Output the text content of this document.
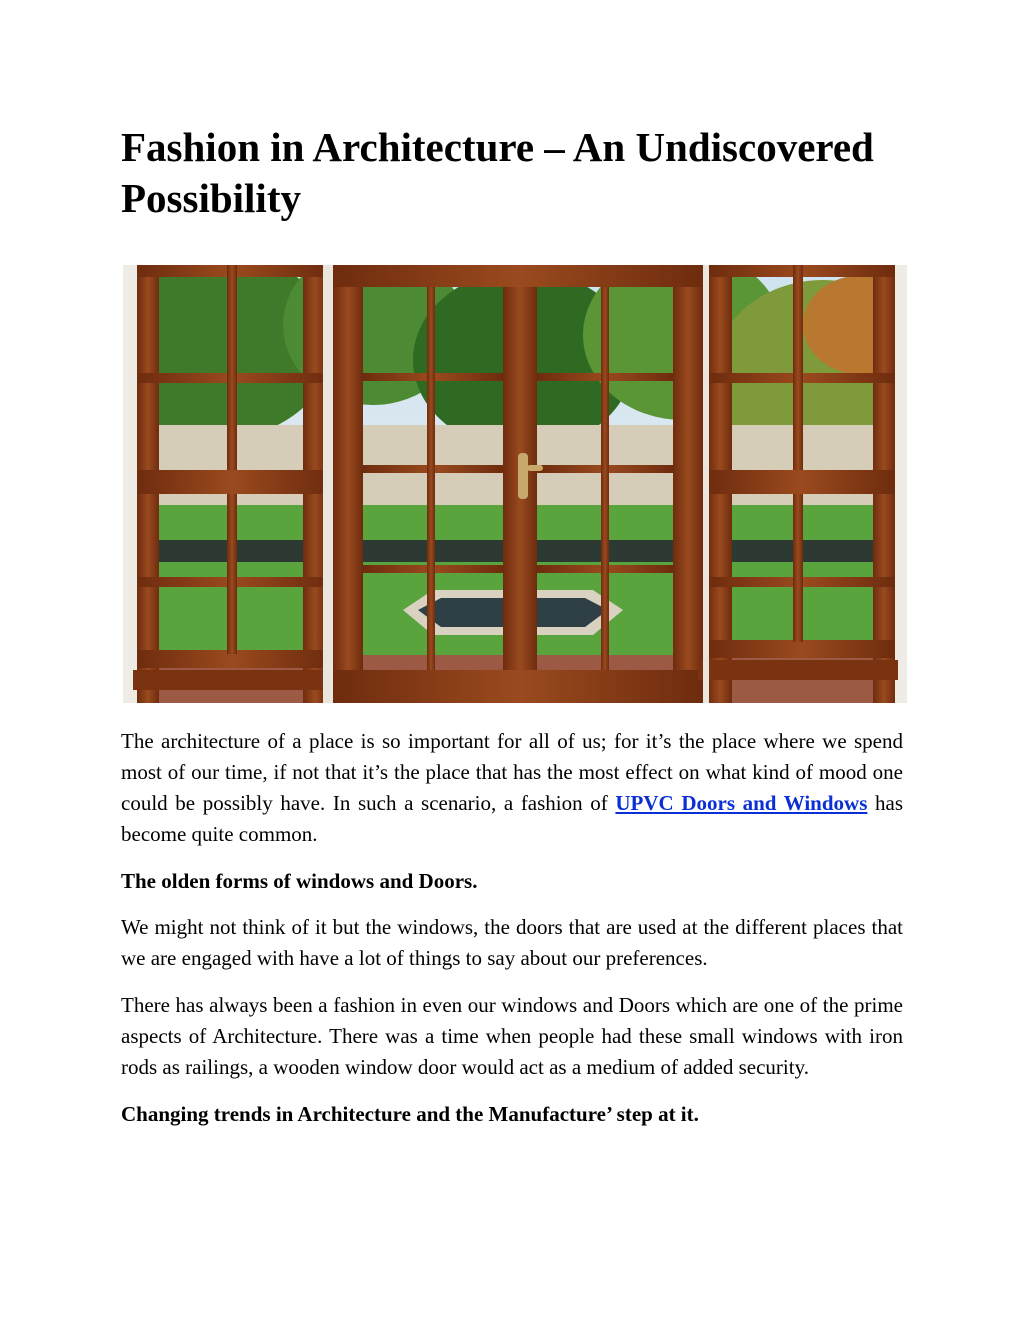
Fashion in Architecture – An Undiscovered Possibility

The architecture of a place is so important for all of us; for it’s the place where we spend most of our time, if not that it’s the place that has the most effect on what kind of mood one could be possibly have. In such a scenario, a fashion of UPVC Doors and Windows has become quite common.

The olden forms of windows and Doors.

We might not think of it but the windows, the doors that are used at the different places that we are engaged with have a lot of things to say about our preferences.

There has always been a fashion in even our windows and Doors which are one of the prime aspects of Architecture. There was a time when people had these small windows with iron rods as railings, a wooden window door would act as a medium of added security.

Changing trends in Architecture and the Manufacture’ step at it.
